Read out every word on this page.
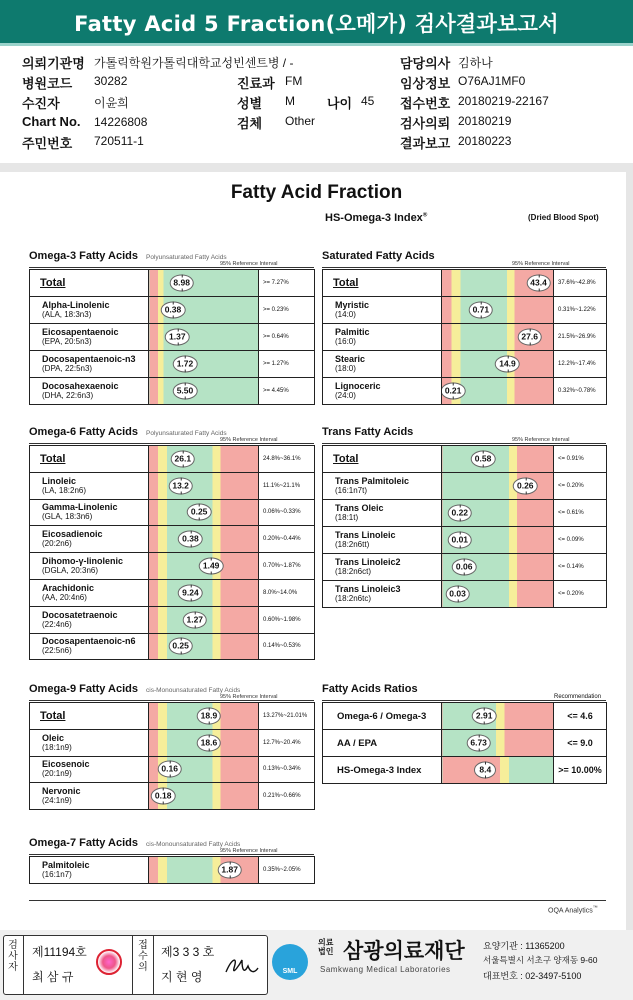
Fatty Acid 5 Fraction(오메가) 검사결과보고서
의뢰기관명 가톨릭학원가톨릭대학교성빈센트병 / -
병원코드 30282	진료과 FM
수진자	이윤희	성별 M 나이 45
Chart No. 14226808	검체 Other
주민번호 720511-1
담당의사 김하나
임상정보 O76AJ1MF0
접수번호 20180219-22167
검사의뢰 20180219
결과보고 20180223
Fatty Acid Fraction
HS-Omega-3 Index®	(Dried Blood Spot)
Omega-3 Fatty Acids Polyunsaturated Fatty Acids
95% Reference Interval
Total	8.98	>= 7.27%

Alpha-Linolenic
(ALA, 18:3n3)	0.38	>= 0.23%

Eicosapentaenoic
(EPA, 20:5n3)	1.37	>= 0.64%

Docosapentaenoic-n3
(DPA, 22:5n3)	1.72	>= 1.27%

Docosahexaenoic
(DHA, 22:6n3)	5.50	>= 4.45%
Omega-6 Fatty Acids Polyunsaturated Fatty Acids
95% Reference Interval
Total	26.1	24.8%~36.1%

Linoleic
(LA, 18:2n6)	13.2	11.1%~21.1%

Gamma-Linolenic
(GLA, 18:3n6)	0.25	0.06%~0.33%

Eicosadienoic
(20:2n6)	0.38	0.20%~0.44%

Dihomo-γ-linolenic
(DGLA, 20:3n6)	1.49	0.70%~1.87%

Arachidonic
(AA, 20:4n6)	9.24	8.0%~14.0%

Docosatetraenoic
(22:4n6)	1.27	0.60%~1.98%

Docosapentaenoic-n6
(22:5n6)	0.25	0.14%~0.53%
Omega-9 Fatty Acids cis-Monounsaturated Fatty Acids
95% Reference Interval
Total	18.9	13.27%~21.01%

Oleic
(18:1n9)	18.6	12.7%~20.4%

Eicosenoic
(20:1n9)	0.16	0.13%~0.34%

Nervonic
(24:1n9)	0.18	0.21%~0.66%
Omega-7 Fatty Acids cis-Monounsaturated Fatty Acids
95% Reference Interval
Palmitoleic
(16:1n7)	1.87	0.35%~2.05%
Saturated Fatty Acids
95% Reference Interval
Total	43.4	37.6%~42.8%

Myristic
(14:0)	0.71	0.31%~1.22%

Palmitic
(16:0)	27.6	21.5%~26.9%

Stearic
(18:0)	14.9	12.2%~17.4%

Lignoceric
(24:0)	0.21	0.32%~0.78%
Trans Fatty Acids
95% Reference Interval
Total	0.58	<= 0.91%

Trans Palmitoleic
(16:1n7t)	0.26	<= 0.20%

Trans Oleic
(18:1t)	0.22	<= 0.61%

Trans Linoleic
(18:2n6tt)	0.01	<= 0.09%

Trans Linoleic2
(18:2n6ct)	0.06	<= 0.14%

Trans Linoleic3
(18:2n6tc)	0.03	<= 0.20%
Fatty Acids Ratios
Recommendation
Omega-6 / Omega-3	2.91	<= 4.6
AA / EPA	6.73	<= 9.0
HS-Omega-3 Index	8.4	>= 10.00%
OQA Analytics™
검
사
자
제11194호
최 삼 규
접
수
의
제3 3 3 호
지 현 영	SML
의료
법인 삼광의료재단
Samkwang Medical Laboratories
요양기관 : 11365200
서울특별시 서초구 양재동 9-60
대표번호 : 02-3497-5100
